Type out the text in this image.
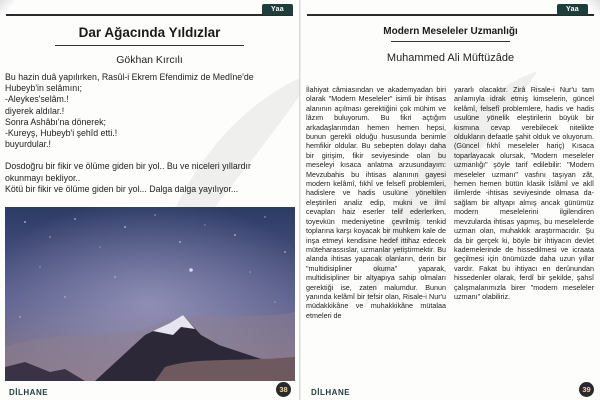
Yaa
Dar Ağacında Yıldızlar
Gökhan Kırcılı

Bu hazin duâ yapılırken, Rasûl-i Ekrem Efendimiz de Medîne'de
Hubeyb'in selâmını;
-Aleykes'selâm.!
diyerek aldılar.!
Sonra Ashâbı'na dönerek;
-Kureyş, Hubeyb'i şehîd etti.!
buyurdular.!

Dosdoğru bir fikir ve ölüme giden bir yol.. Bu ve niceleri yıllardır
okunmayı bekliyor..
Kötü bir fikir ve ölüme giden bir yol... Dalga dalga yayılıyor...

DİLHANE	38
Yaa
Modern Meseleler Uzmanlığı
Muhammed Ali Müftüzâde

İlahiyat câmiasından ve akademyadan biri olarak "Modern Meseleler" isimli bir ihtisas alanının açılması gerektiğini çok mühim ve lâzım buluyorum. Bu fikri açtığım arkadaşlarımdan hemen hemen hepsi, bunun gerekli olduğu hususunda benimle hemfikir oldular. Bu sebepten dolayı daha bir girişim, fikir seviyesinde olan bu meseleyi kısaca anlatma arzusundayım: Mevzubahis bu ihtisas alanının gayesi modern kelâmî, fıkhî ve felsefî problemleri, hadislere ve hadis usulüne yöneltilen eleştirileri analiz edip, mukni ve ilmî cevapları haiz eserler telif ederlerken, toyevkün medeniyetine çevrilmiş tenkid toplarına karşı koyacak bir muhkem kale de inşa etmeyi kendisine hedef ittihaz edecek müteharassıslar, uzmanlar yetiştirmektir. Bu alanda ihtisas yapacak olanların, derin bir "multidisipliner okuma" yaparak, multidisipliner bir altyapıya sahip olmaları gerektiği ise, zaten malumdur. Bunun yanında kelâmî bir tefsir olan, Risale-i Nur'u müdakkikâne ve muhakkikâne mütalaa etmeleri de

yararlı olacaktır. Zirâ Risale-i Nur'u tam anlamıyla idrak etmiş kimselerin, güncel kelâmî, felsefî problemlere, hadis ve hadis usulüne yönelik eleştirilerin büyük bir kısmına cevap verebilecek nitelikte oldukların defaatle şahit olduk ve oluyorum. (Güncel fıkhî meseleler hariç) Kısaca toparlayacak olursak, "Modern meseleler uzmanlığı" şöyle tarif edilebilir: "Modern meseleler uzmanı" vasfını taşıyan zât, hemen hemen bütün klasik İslâmî ve aklî ilimlerde -ihtisas seviyesinde olmasa da- sağlam bir altyapı almış ancak günümüz modern meselelerini ilgilendiren mevzularda ihtisas yapmış, bu meselelerde uzman olan, muhakkik araştırmacıdır. Şu da bir gerçek ki, böyle bir ihtiyacın devlet kademelerinde de hissedilmesi ve icraata geçilmesi için önümüzde daha uzun yıllar vardır. Fakat bu ihtiyacı en derûnundan hissedenler olarak, ferdî bir şekilde, şahsî çalışmalarımızla birer "modern meseleler uzmanı" olabiliriz.

DİLHANE	39
